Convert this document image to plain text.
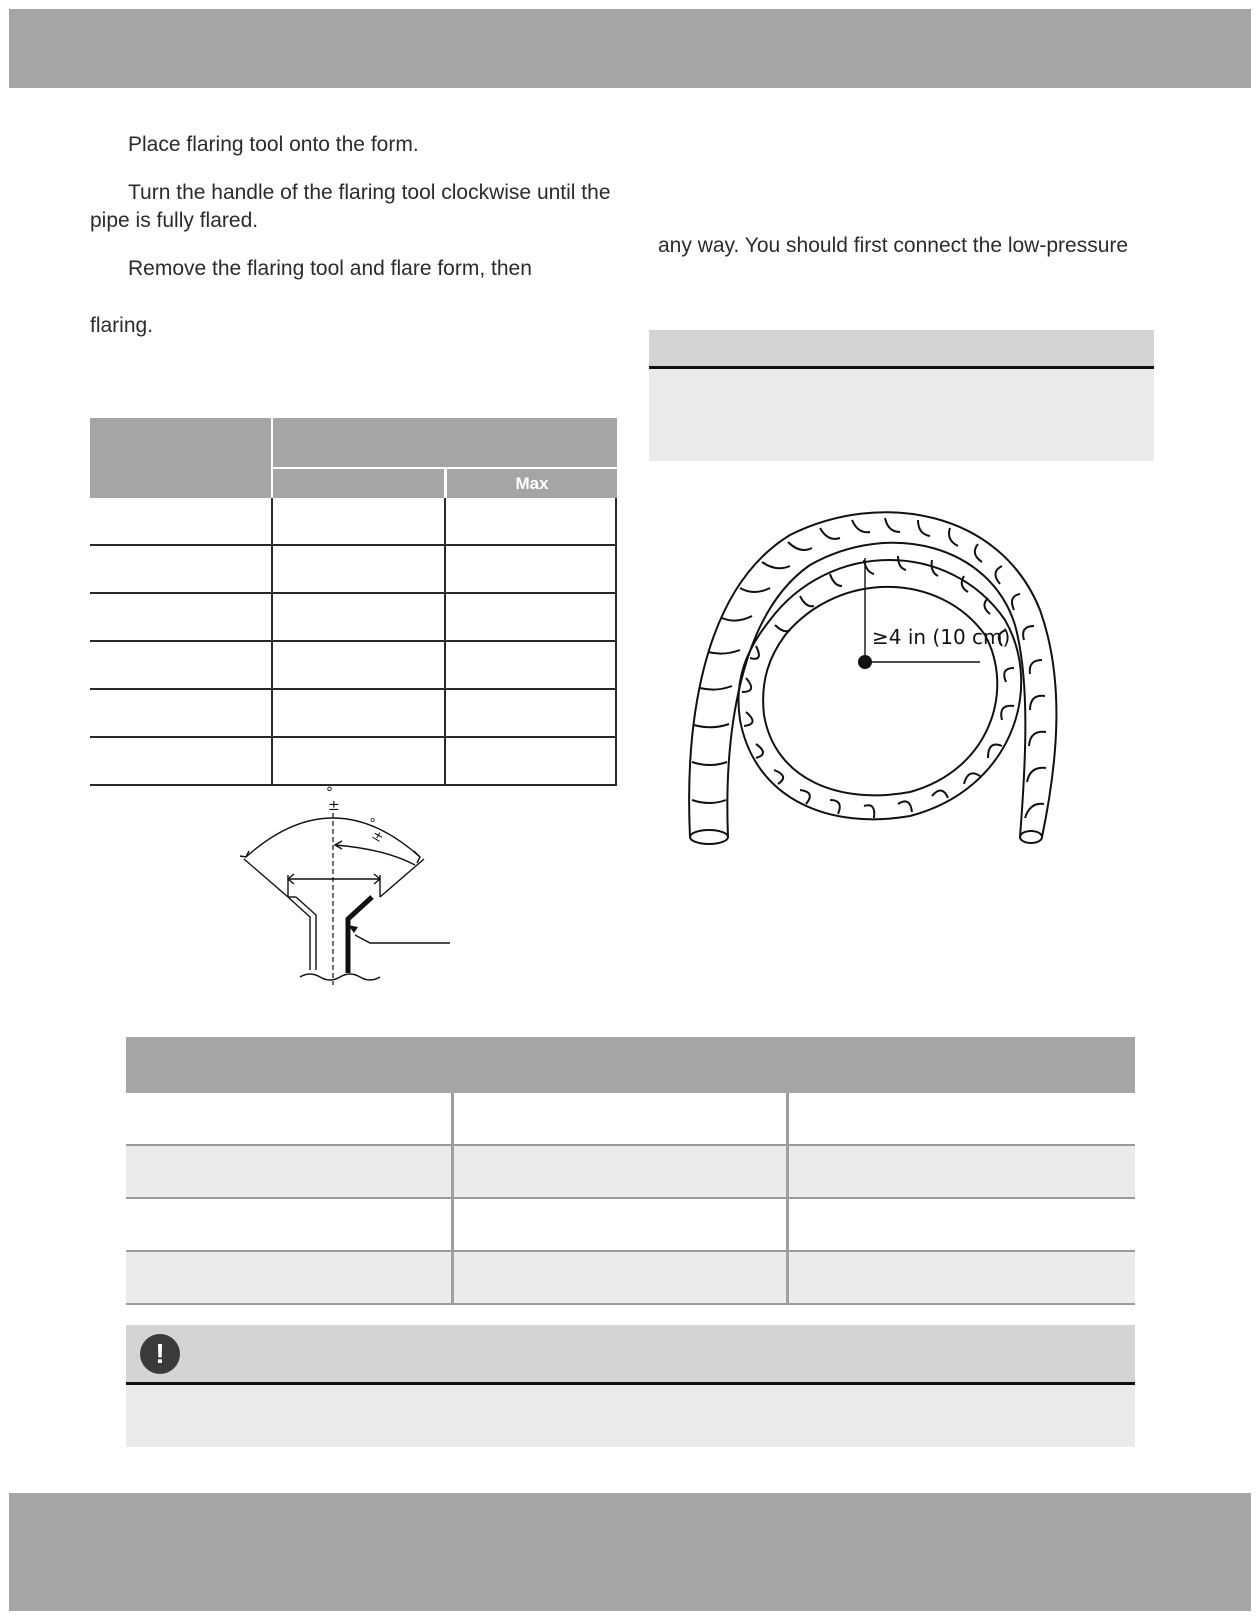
Place flaring tool onto the form.

Turn the handle of the flaring tool clockwise until the pipe is fully flared.

Remove the flaring tool and flare form, then

flaring.

any way. You should first connect the low-pressure

Max
°
±
°
±
≥4 in (10 cm)
!
